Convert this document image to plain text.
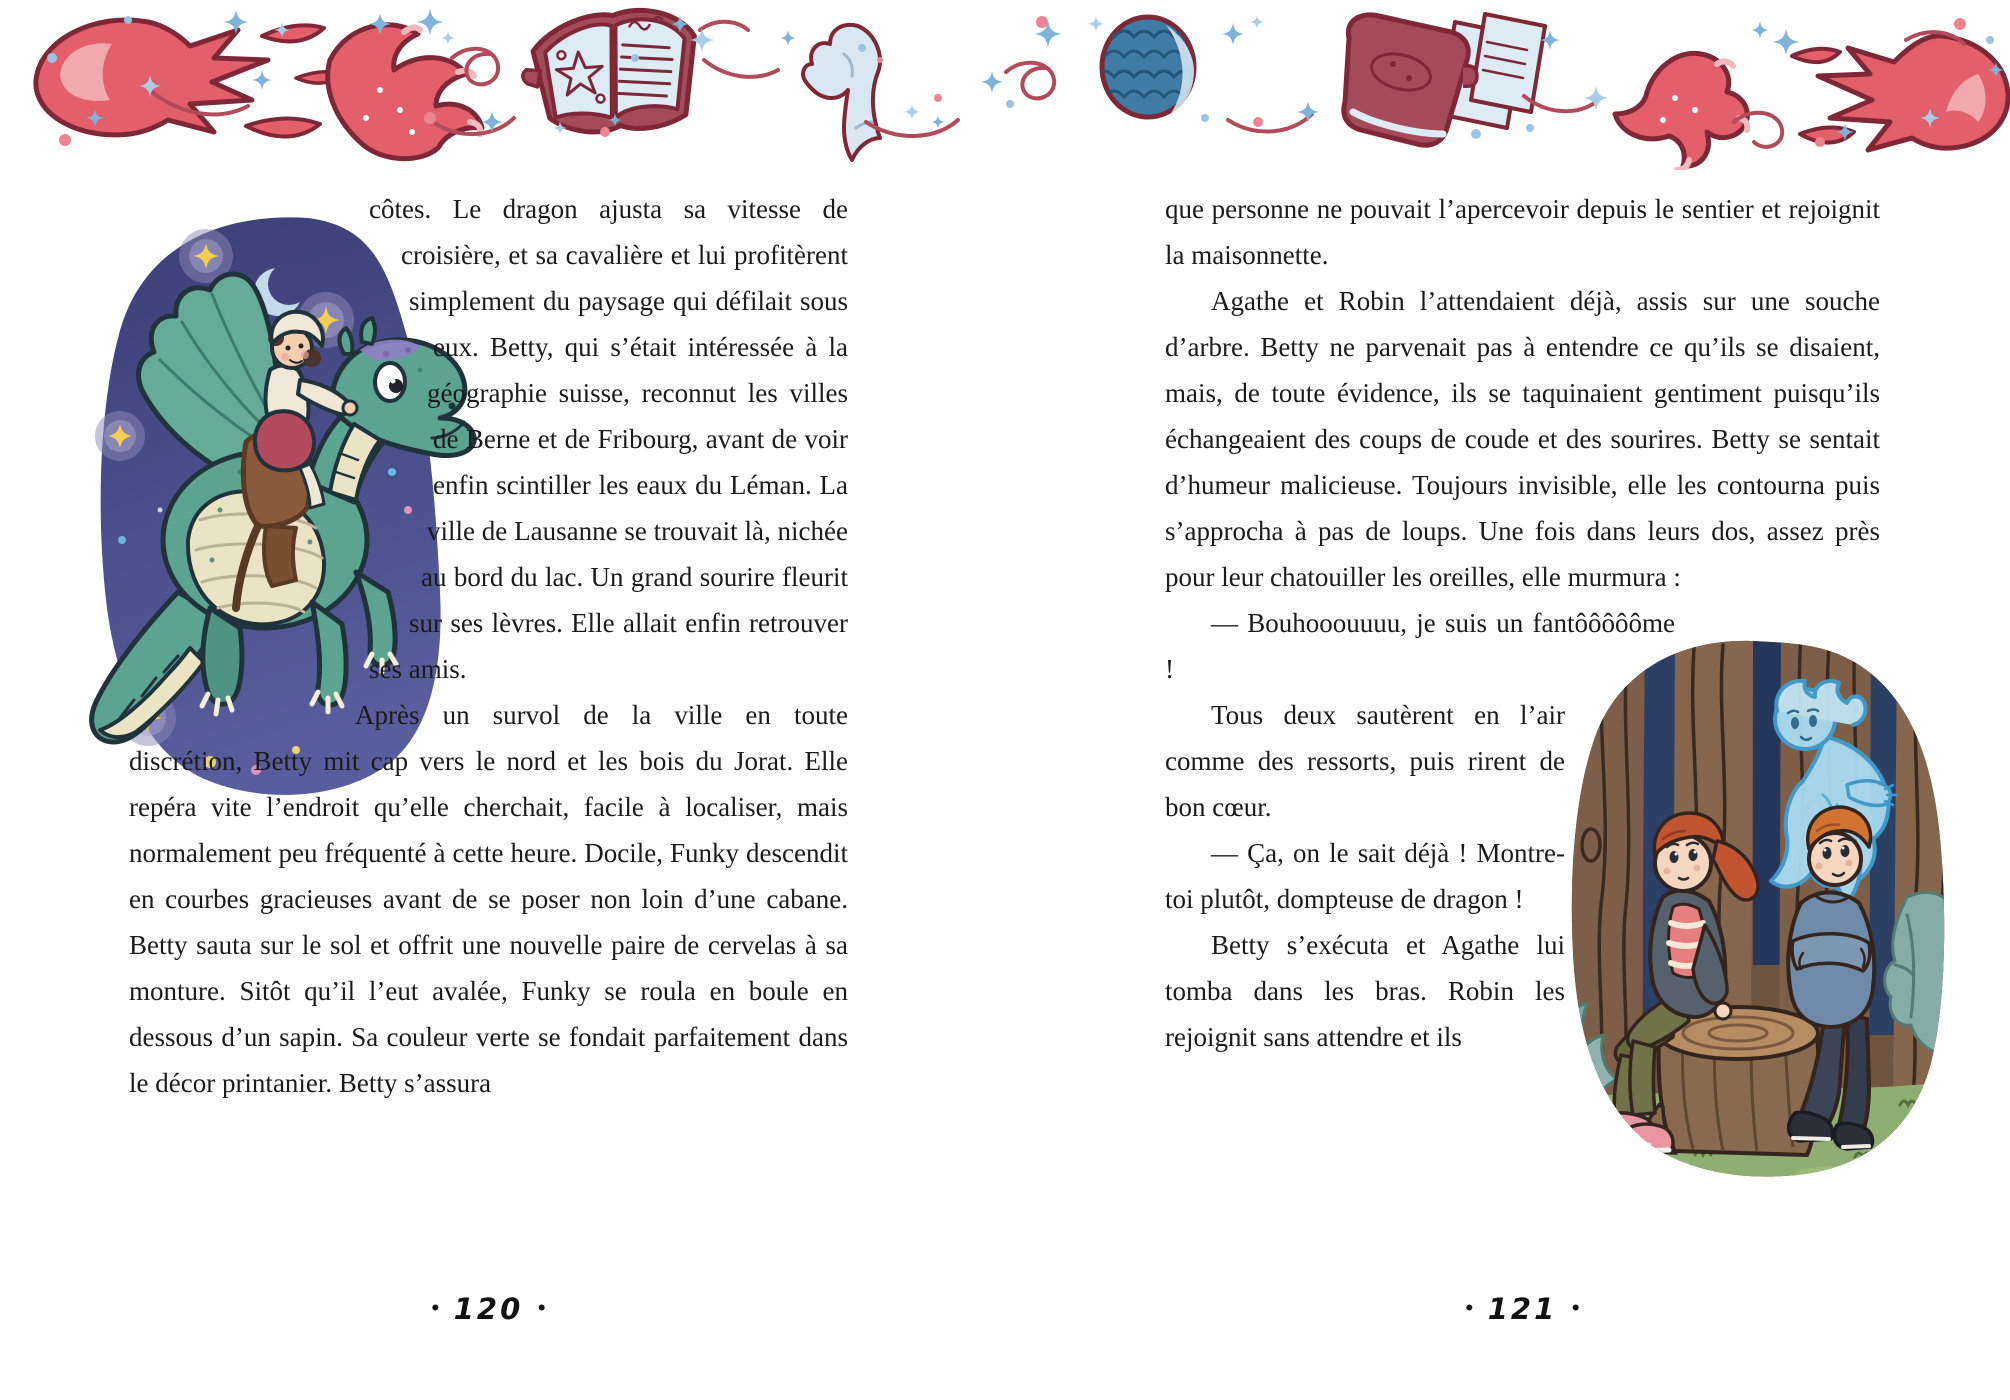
côtes. Le dragon ajusta sa vitesse de croisière, et sa cavalière et lui profitèrent simplement du paysage qui défilait sous eux. Betty, qui s’était intéressée à la géographie suisse, reconnut les villes de Berne et de Fribourg, avant de voir enfin scintiller les eaux du Léman. La ville de Lausanne se trouvait là, nichée au bord du lac. Un grand sourire fleurit sur ses lèvres. Elle allait enfin retrouver ses amis.

Après un survol de la ville en toute discrétion, Betty mit cap vers le nord et les bois du Jorat. Elle repéra vite l’endroit qu’elle cherchait, facile à localiser, mais normalement peu fréquenté à cette heure. Docile, Funky descendit en courbes gracieuses avant de se poser non loin d’une cabane. Betty sauta sur le sol et offrit une nouvelle paire de cervelas à sa monture. Sitôt qu’il l’eut avalée, Funky se roula en boule en dessous d’un sapin. Sa couleur verte se fondait parfaitement dans le décor printanier. Betty s’assura

que personne ne pouvait l’apercevoir depuis le sentier et rejoignit la maisonnette.

Agathe et Robin l’attendaient déjà, assis sur une souche d’arbre. Betty ne parvenait pas à entendre ce qu’ils se disaient, mais, de toute évidence, ils se taquinaient gentiment puisqu’ils échangeaient des coups de coude et des sourires. Betty se sentait d’humeur malicieuse. Toujours invisible, elle les contourna puis s’approcha à pas de loups. Une fois dans leurs dos, assez près pour leur chatouiller les oreilles, elle murmura :

— Bouhooouuuu, je suis un fantôôôôôme !

Tous deux sautèrent en l’air comme des ressorts, puis rirent de bon cœur.

— Ça, on le sait déjà ! Montre-toi plutôt, dompteuse de dragon !

Betty s’exécuta et Agathe lui tomba dans les bras. Robin les rejoignit sans attendre et ils

• 120 •	• 121 •
